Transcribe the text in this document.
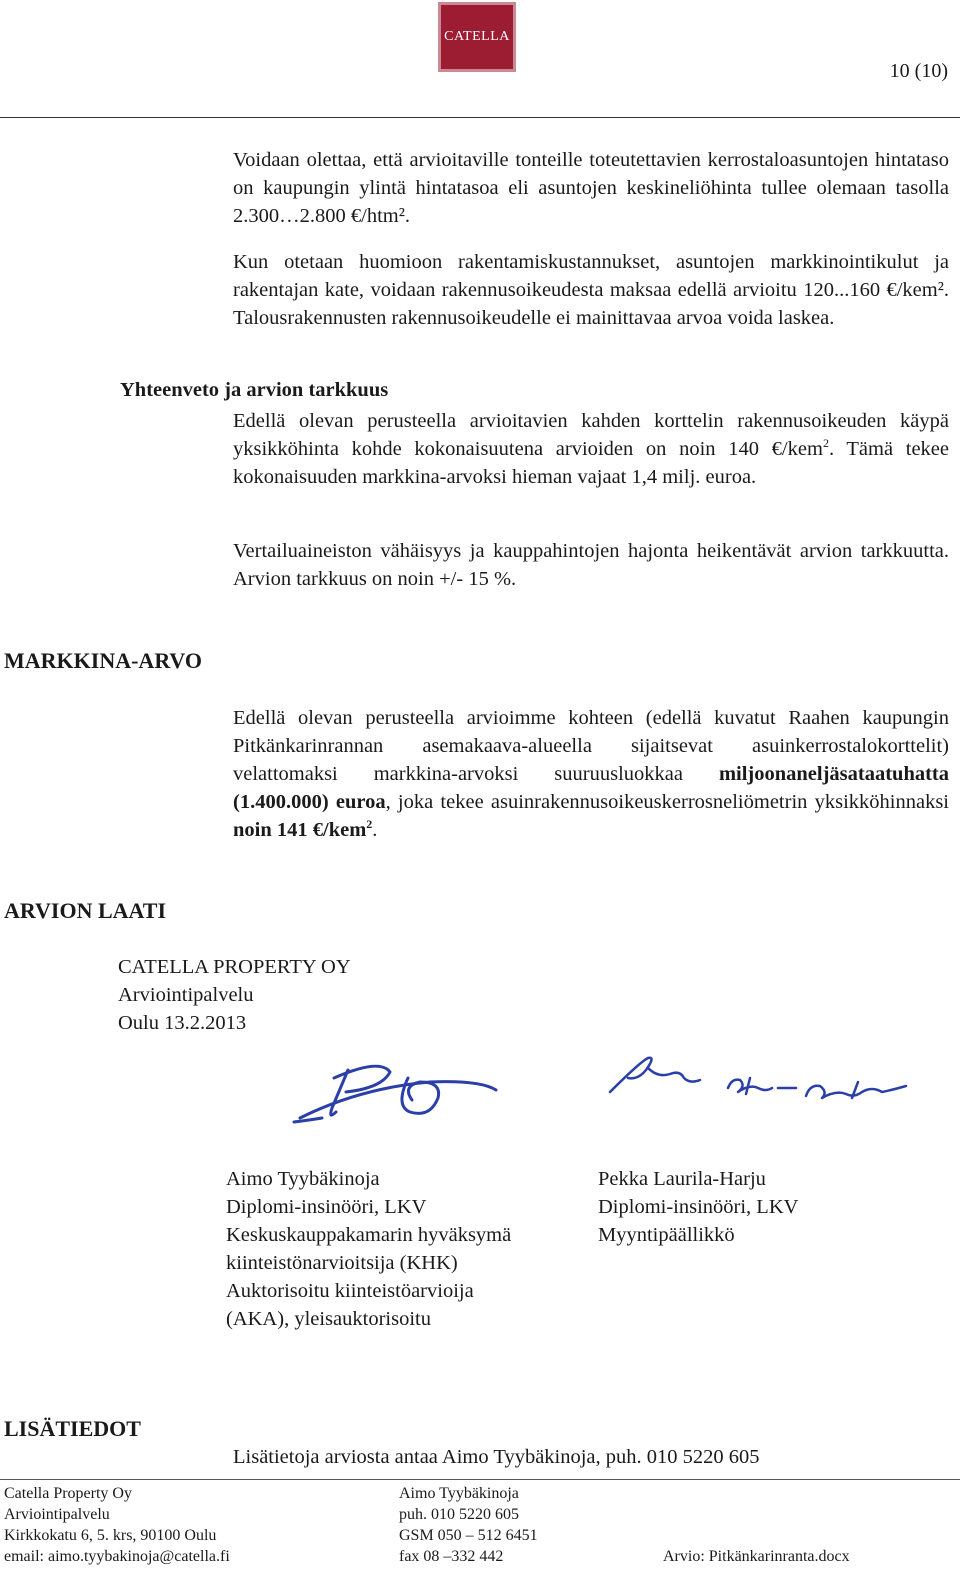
CATELLA
10 (10)

Voidaan olettaa, että arvioitaville tonteille toteutettavien kerrostaloasuntojen hintataso on kaupungin ylintä hintatasoa eli asuntojen keskineliöhinta tullee olemaan tasolla 2.300…2.800 €/htm².

Kun otetaan huomioon rakentamiskustannukset, asuntojen markkinointikulut ja rakentajan kate, voidaan rakennusoikeudesta maksaa edellä arvioitu 120...160 €/kem². Talousrakennusten rakennusoikeudelle ei mainittavaa arvoa voida laskea.

Yhteenveto ja arvion tarkkuus

Edellä olevan perusteella arvioitavien kahden korttelin rakennusoikeuden käypä yksikköhinta kohde kokonaisuutena arvioiden on noin 140 €/kem$^2$. Tämä tekee kokonaisuuden markkina-arvoksi hieman vajaat 1,4 milj. euroa.

Vertailuaineiston vähäisyys ja kauppahintojen hajonta heikentävät arvion tarkkuutta. Arvion tarkkuus on noin +/- 15 %.

MARKKINA-ARVO

Edellä olevan perusteella arvioimme kohteen (edellä kuvatut Raahen kaupungin Pitkänkarinrannan asemakaava-alueella sijaitsevat asuinkerrostalokorttelit) velattomaksi markkina-arvoksi suuruusluokkaa miljoonaneljäsataatuhatta (1.400.000) euroa, joka tekee asuinrakennusoikeuskerrosneliömetrin yksikköhinnaksi noin 141 €/kem$^2$.

ARVION LAATI
CATELLA PROPERTY OY
Arviointipalvelu
Oulu 13.2.2013
Aimo Tyybäkinoja
Diplomi-insinööri, LKV
Keskuskauppakamarin hyväksymä
kiinteistönarvioitsija (KHK)
Auktorisoitu kiinteistöarvioija
(AKA), yleisauktorisoitu
Pekka Laurila-Harju
Diplomi-insinööri, LKV
Myyntipäällikkö
LISÄTIEDOT
Lisätietoja arviosta antaa Aimo Tyybäkinoja, puh. 010 5220 605
Catella Property Oy
Arviointipalvelu
Kirkkokatu 6, 5. krs, 90100 Oulu
email: aimo.tyybakinoja@catella.fi
Aimo Tyybäkinoja
puh. 010 5220 605
GSM 050 – 512 6451
fax 08 –332 442	Arvio: Pitkänkarinranta.docx
